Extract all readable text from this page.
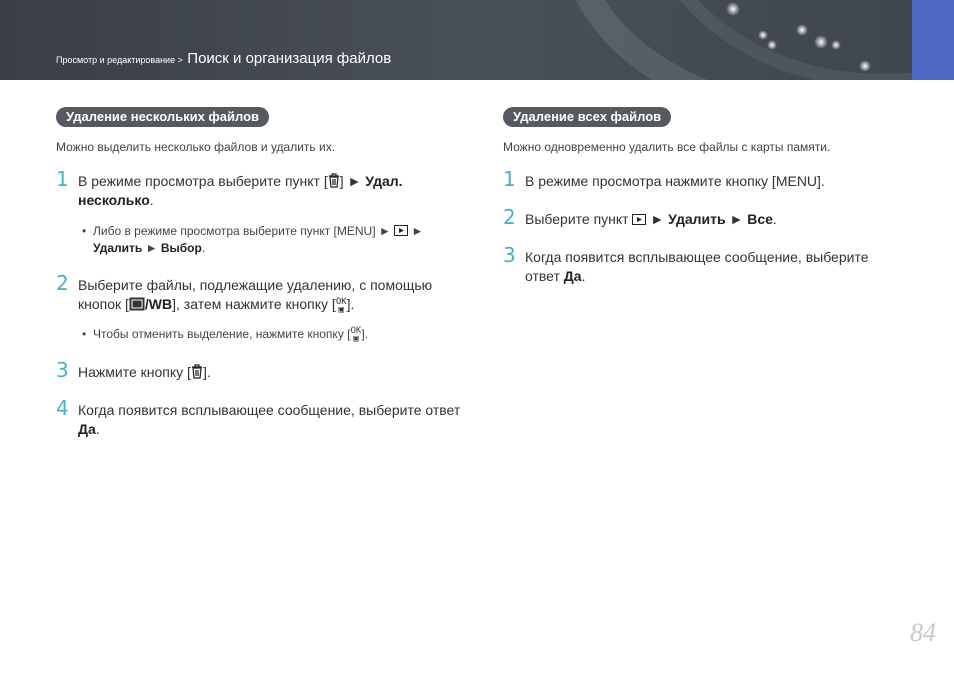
Просмотр и редактирование > Поиск и организация файлов
Удаление нескольких файлов
Можно выделить несколько файлов и удалить их.
1 В режиме просмотра выберите пункт [ ] ► Удал.
несколько.
• Либо в режиме просмотра выберите пункт [MENU] ► ►
Удалить ► Выбор.
2 Выберите файлы, подлежащие удалению, с помощью кнопок [ /WB], затем нажмите кнопку [OK
▣ ].
• Чтобы отменить выделение, нажмите кнопку [OK
▣ ].
3 Нажмите кнопку [ ].
4 Когда появится всплывающее сообщение, выберите ответ Да.
Удаление всех файлов
Можно одновременно удалить все файлы с карты памяти.
1 В режиме просмотра нажмите кнопку [MENU].
2 Выберите пункт ► Удалить ► Все.
3 Когда появится всплывающее сообщение, выберите ответ Да.
84
